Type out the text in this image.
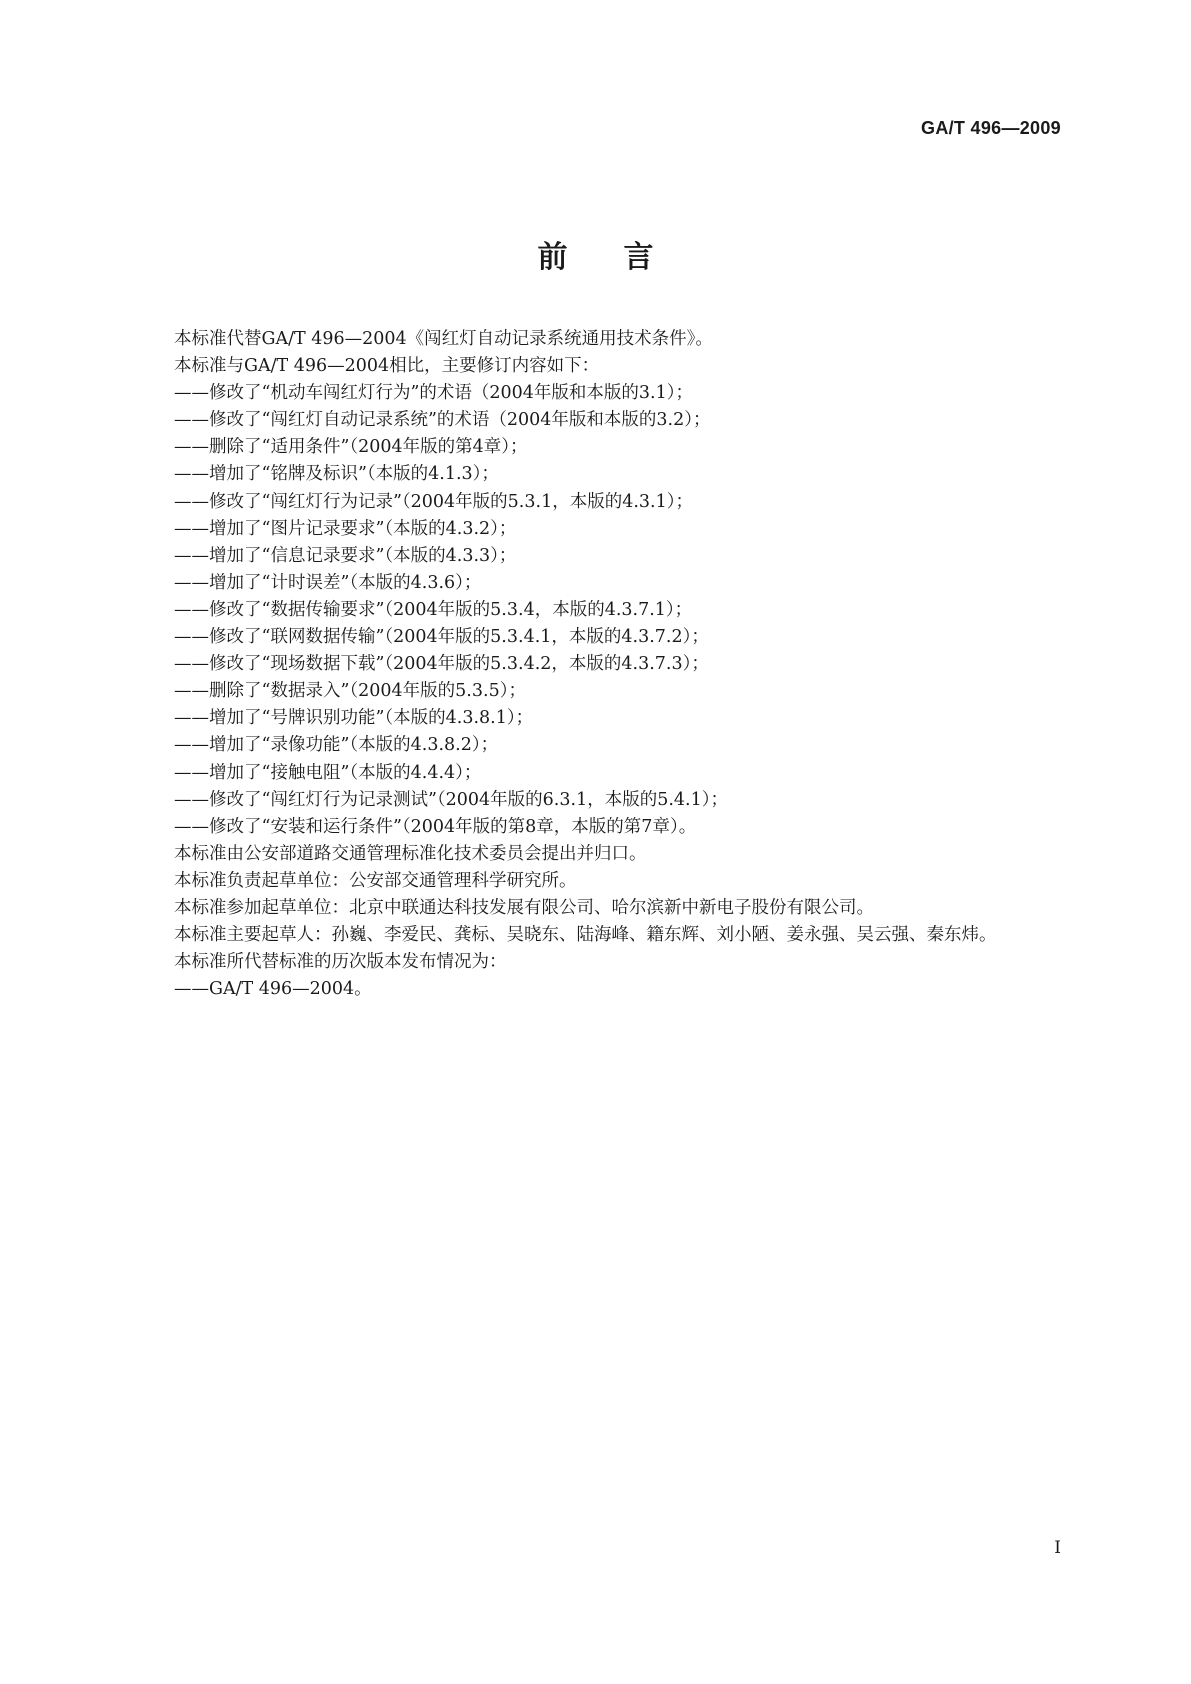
GA/T 496—2009
前言
本标准代替GA/T 496—2004《闯红灯自动记录系统通用技术条件》。
本标准与GA/T 496—2004相比，主要修订内容如下：
——修改了“机动车闯红灯行为”的术语（2004年版和本版的3.1）；
——修改了“闯红灯自动记录系统”的术语（2004年版和本版的3.2）；
——删除了“适用条件”（2004年版的第4章）；
——增加了“铭牌及标识”（本版的4.1.3）；
——修改了“闯红灯行为记录”（2004年版的5.3.1，本版的4.3.1）；
——增加了“图片记录要求”（本版的4.3.2）；
——增加了“信息记录要求”（本版的4.3.3）；
——增加了“计时误差”（本版的4.3.6）；
——修改了“数据传输要求”（2004年版的5.3.4，本版的4.3.7.1）；
——修改了“联网数据传输”（2004年版的5.3.4.1，本版的4.3.7.2）；
——修改了“现场数据下载”（2004年版的5.3.4.2，本版的4.3.7.3）；
——删除了“数据录入”（2004年版的5.3.5）；
——增加了“号牌识别功能”（本版的4.3.8.1）；
——增加了“录像功能”（本版的4.3.8.2）；
——增加了“接触电阻”（本版的4.4.4）；
——修改了“闯红灯行为记录测试”（2004年版的6.3.1，本版的5.4.1）；
——修改了“安装和运行条件”（2004年版的第8章，本版的第7章）。
本标准由公安部道路交通管理标准化技术委员会提出并归口。
本标准负责起草单位：公安部交通管理科学研究所。
本标准参加起草单位：北京中联通达科技发展有限公司、哈尔滨新中新电子股份有限公司。
本标准主要起草人：孙巍、李爱民、龚标、吴晓东、陆海峰、籍东辉、刘小陋、姜永强、吴云强、秦东炜。
本标准所代替标准的历次版本发布情况为：
——GA/T 496—2004。
I
